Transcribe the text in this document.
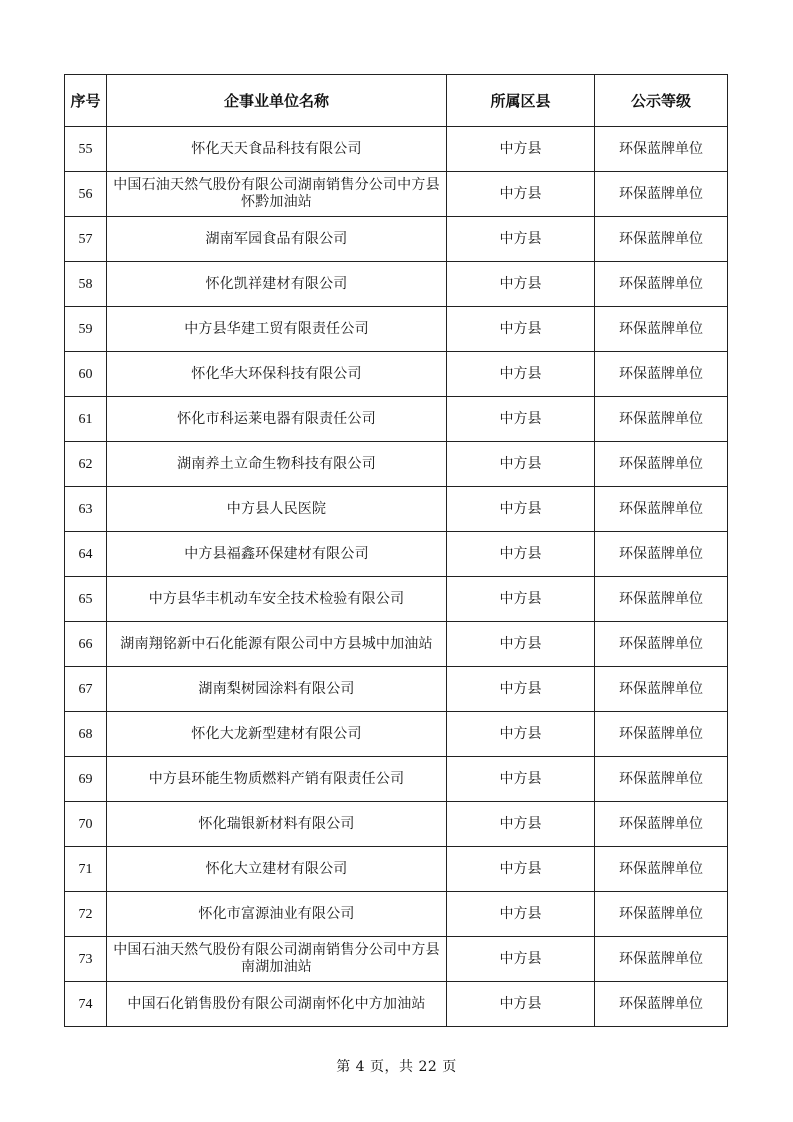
序号	企事业单位名称	所属区县	公示等级
55	怀化天天食品科技有限公司	中方县	环保蓝牌单位
56	中国石油天然气股份有限公司湖南销售分公司中方县怀黔加油站	中方县	环保蓝牌单位
57	湖南军园食品有限公司	中方县	环保蓝牌单位
58	怀化凯祥建材有限公司	中方县	环保蓝牌单位
59	中方县华建工贸有限责任公司	中方县	环保蓝牌单位
60	怀化华大环保科技有限公司	中方县	环保蓝牌单位
61	怀化市科运莱电器有限责任公司	中方县	环保蓝牌单位
62	湖南养土立命生物科技有限公司	中方县	环保蓝牌单位
63	中方县人民医院	中方县	环保蓝牌单位
64	中方县福鑫环保建材有限公司	中方县	环保蓝牌单位
65	中方县华丰机动车安全技术检验有限公司	中方县	环保蓝牌单位
66	湖南翔铭新中石化能源有限公司中方县城中加油站	中方县	环保蓝牌单位
67	湖南梨树园涂料有限公司	中方县	环保蓝牌单位
68	怀化大龙新型建材有限公司	中方县	环保蓝牌单位
69	中方县环能生物质燃料产销有限责任公司	中方县	环保蓝牌单位
70	怀化瑞银新材料有限公司	中方县	环保蓝牌单位
71	怀化大立建材有限公司	中方县	环保蓝牌单位
72	怀化市富源油业有限公司	中方县	环保蓝牌单位
73	中国石油天然气股份有限公司湖南销售分公司中方县南湖加油站	中方县	环保蓝牌单位
74	中国石化销售股份有限公司湖南怀化中方加油站	中方县	环保蓝牌单位
第 4 页，共 22 页
